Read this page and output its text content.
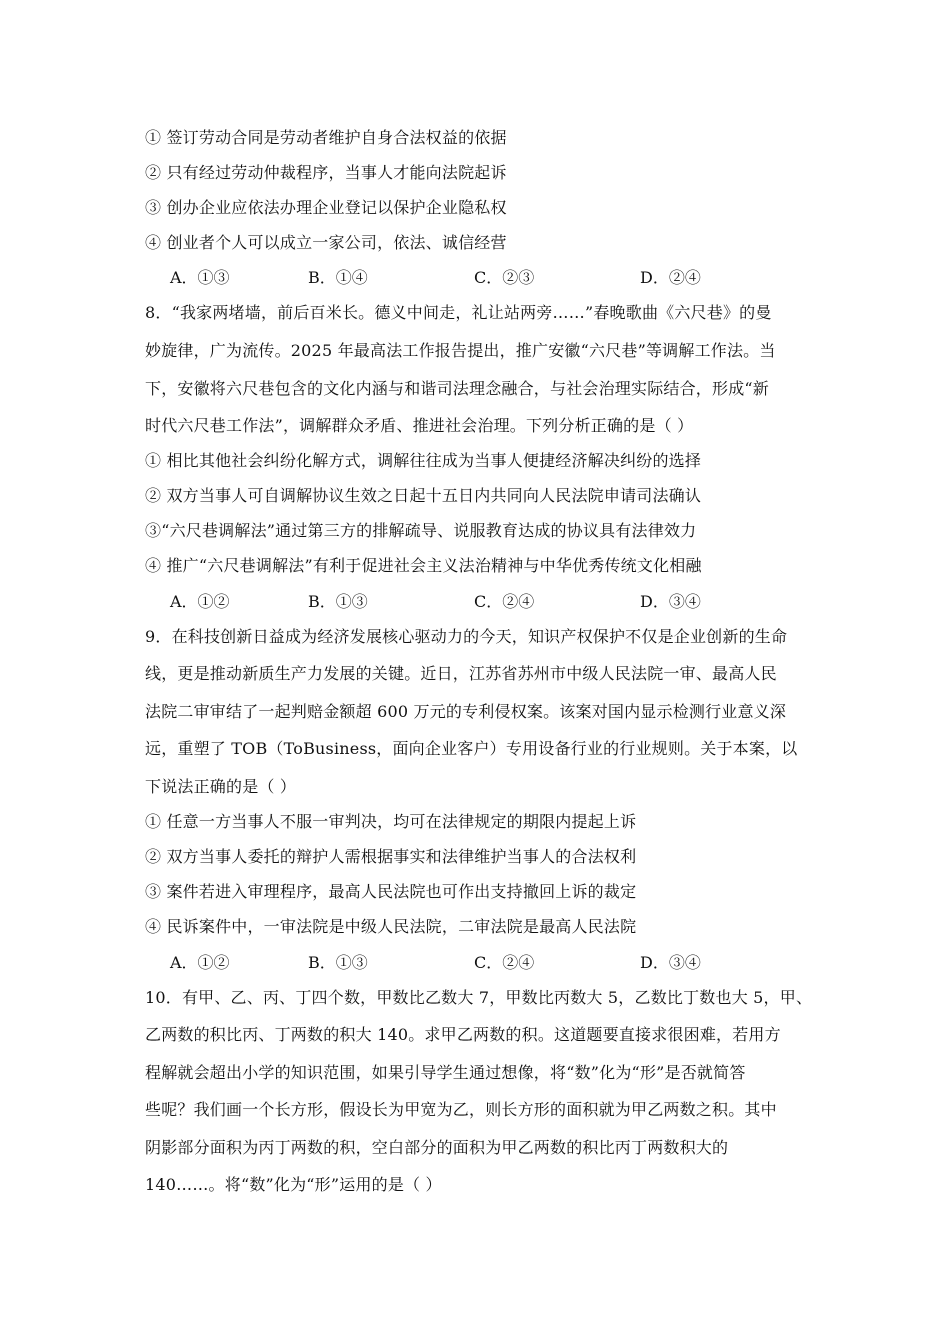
① 签订劳动合同是劳动者维护自身合法权益的依据
② 只有经过劳动仲裁程序，当事人才能向法院起诉
③ 创办企业应依法办理企业登记以保护企业隐私权
④ 创业者个人可以成立一家公司，依法、诚信经营
A．①③	B．①④	C．②③	D．②④
8．“我家两堵墙，前后百米长。德义中间走，礼让站两旁……”春晚歌曲《六尺巷》的曼
妙旋律，广为流传。2025 年最高法工作报告提出，推广安徽“六尺巷”等调解工作法。当
下，安徽将六尺巷包含的文化内涵与和谐司法理念融合，与社会治理实际结合，形成“新
时代六尺巷工作法”，调解群众矛盾、推进社会治理。下列分析正确的是（ ）
① 相比其他社会纠纷化解方式，调解往往成为当事人便捷经济解决纠纷的选择
② 双方当事人可自调解协议生效之日起十五日内共同向人民法院申请司法确认
③“六尺巷调解法”通过第三方的排解疏导、说服教育达成的协议具有法律效力
④ 推广“六尺巷调解法”有利于促进社会主义法治精神与中华优秀传统文化相融
A．①②	B．①③	C．②④	D．③④
9．在科技创新日益成为经济发展核心驱动力的今天，知识产权保护不仅是企业创新的生命
线，更是推动新质生产力发展的关键。近日，江苏省苏州市中级人民法院一审、最高人民
法院二审审结了一起判赔金额超 600 万元的专利侵权案。该案对国内显示检测行业意义深
远，重塑了 TOB（ToBusiness，面向企业客户）专用设备行业的行业规则。关于本案，以
下说法正确的是（ ）
① 任意一方当事人不服一审判决，均可在法律规定的期限内提起上诉
② 双方当事人委托的辩护人需根据事实和法律维护当事人的合法权利
③ 案件若进入审理程序，最高人民法院也可作出支持撤回上诉的裁定
④ 民诉案件中，一审法院是中级人民法院，二审法院是最高人民法院
A．①②	B．①③	C．②④	D．③④
10．有甲、乙、丙、丁四个数，甲数比乙数大 7，甲数比丙数大 5，乙数比丁数也大 5，甲、
乙两数的积比丙、丁两数的积大 140。求甲乙两数的积。这道题要直接求很困难，若用方
程解就会超出小学的知识范围，如果引导学生通过想像，将“数”化为“形”是否就简答
些呢？我们画一个长方形，假设长为甲宽为乙，则长方形的面积就为甲乙两数之积。其中
阴影部分面积为丙丁两数的积，空白部分的面积为甲乙两数的积比丙丁两数积大的
140……。将“数”化为“形”运用的是（ ）
